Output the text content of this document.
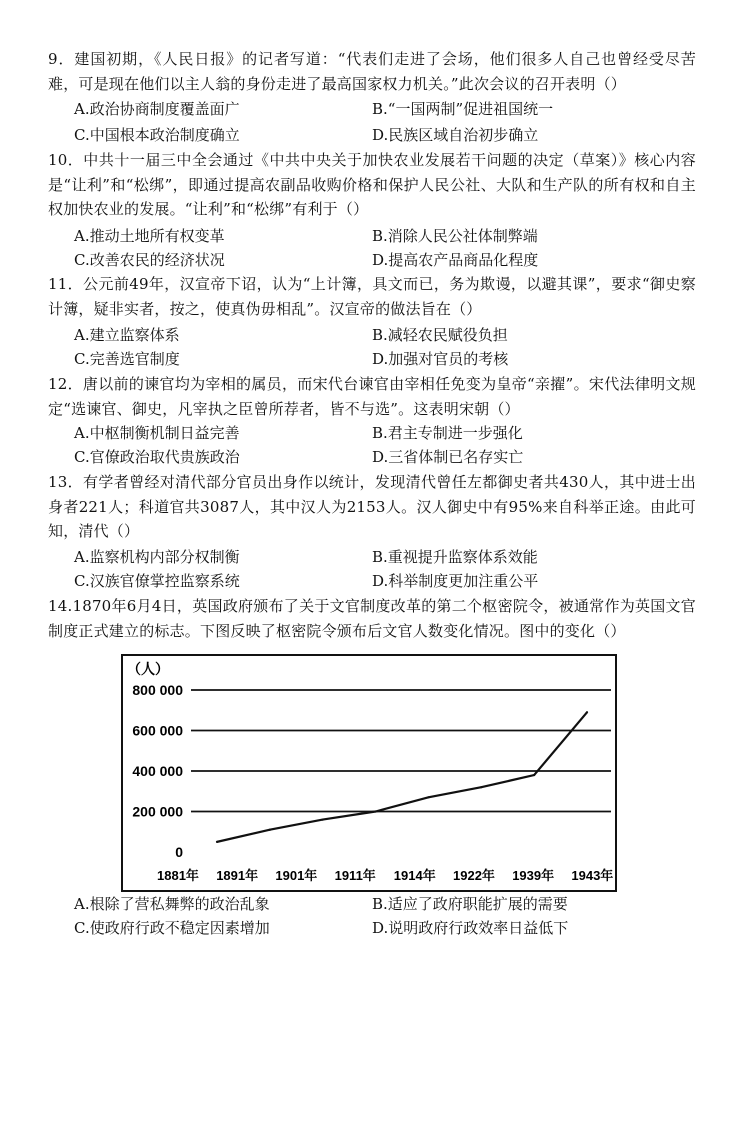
9．建国初期，《人民日报》的记者写道：“代表们走进了会场，他们很多人自己也曾经受尽苦难，可是现在他们以主人翁的身份走进了最高国家权力机关。”此次会议的召开表明（）
A.政治协商制度覆盖面广	B.“一国两制”促进祖国统一
C.中国根本政治制度确立	D.民族区域自治初步确立
10．中共十一届三中全会通过《中共中央关于加快农业发展若干问题的决定（草案）》核心内容是“让利”和“松绑”，即通过提高农副品收购价格和保护人民公社、大队和生产队的所有权和自主权加快农业的发展。“让利”和“松绑”有利于（）
A.推动土地所有权变革	B.消除人民公社体制弊端
C.改善农民的经济状况	D.提高农产品商品化程度
11．公元前49年，汉宣帝下诏，认为“上计簿，具文而已，务为欺谩，以避其课”，要求“御史察计簿，疑非实者，按之，使真伪毋相乱”。汉宣帝的做法旨在（）
A.建立监察体系	B.减轻农民赋役负担
C.完善选官制度	D.加强对官员的考核
12．唐以前的谏官均为宰相的属员，而宋代台谏官由宰相任免变为皇帝“亲擢”。宋代法律明文规定“选谏官、御史，凡宰执之臣曾所荐者，皆不与选”。这表明宋朝（）
A.中枢制衡机制日益完善	B.君主专制进一步强化
C.官僚政治取代贵族政治	D.三省体制已名存实亡
13．有学者曾经对清代部分官员出身作以统计，发现清代曾任左都御史者共430人，其中进士出身者221人；科道官共3087人，其中汉人为2153人。汉人御史中有95%来自科举正途。由此可知，清代（）
A.监察机构内部分权制衡	B.重视提升监察体系效能
C.汉族官僚掌控监察系统	D.科举制度更加注重公平
14.1870年6月4日，英国政府颁布了关于文官制度改革的第二个枢密院令，被通常作为英国文官制度正式建立的标志。下图反映了枢密院令颁布后文官人数变化情况。图中的变化（）
（人）
800 000
600 000
400 000
200 000
0
1881年 1891年 1901年 1911年 1914年 1922年 1939年 1943年
A.根除了营私舞弊的政治乱象	B.适应了政府职能扩展的需要
C.使政府行政不稳定因素增加	D.说明政府行政效率日益低下
